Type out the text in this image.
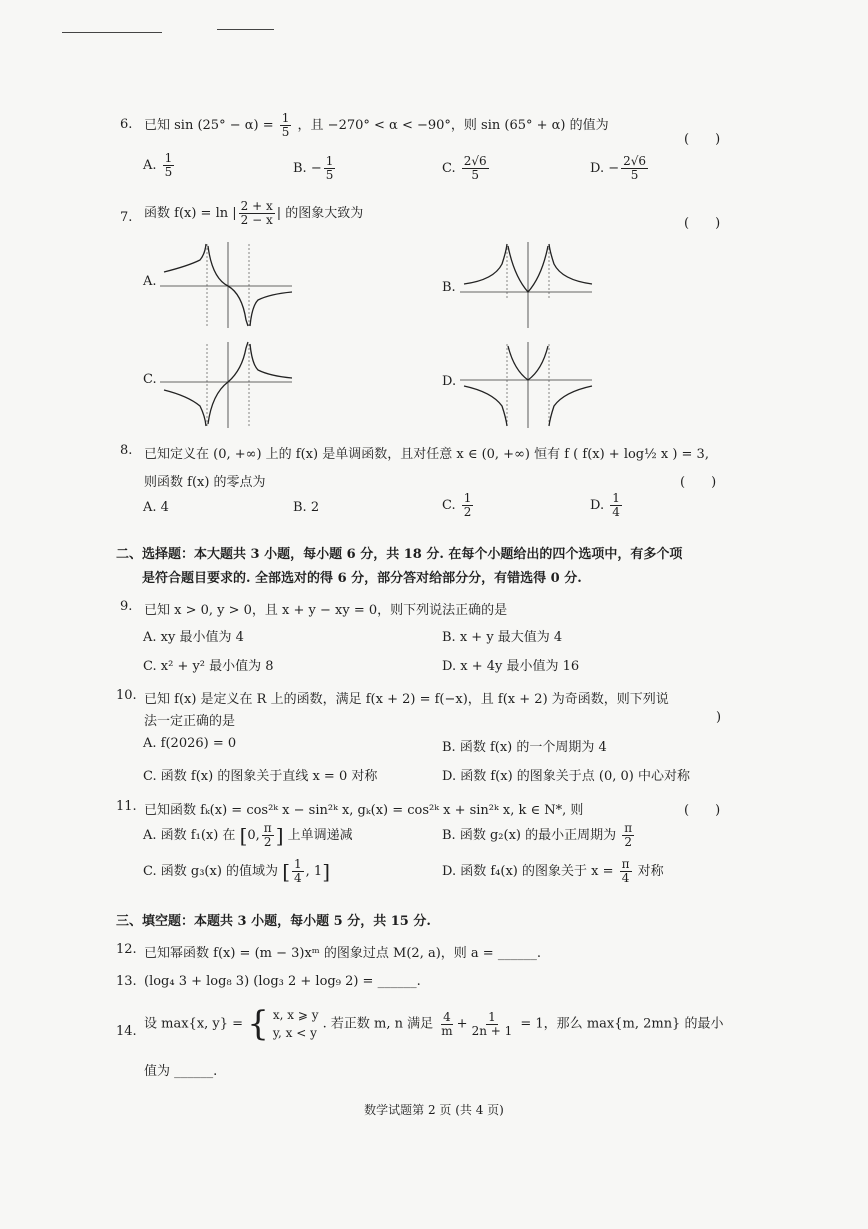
6. 已知 $\sin (25^\circ - \alpha) = \frac{1}{5}$ ，且 −270° < α < −90°，则 sin (65° + α) 的值为
(　　)
A. $\frac{1}{5}$	B. − $\frac{1}{5}$	C. $\frac{2√6}{5}$	D. − $\frac{2√6}{5}$
7. 函数 f(x) = ln | $\frac{2 + x}{2 - x}$ | 的图象大致为
(　　)
A.	B.
C.	D.
8. 已知定义在 (0, +∞) 上的 f(x) 是单调函数，且对任意 x ∈ (0, +∞) 恒有 f ( f(x) + log½ x ) = 3,
则函数 f(x) 的零点为	(　　)
A. 4	B. 2	C. $\frac{1}{2}$	D. $\frac{1}{4}$
二、选择题：本大题共 3 小题，每小题 6 分，共 18 分. 在每个小题给出的四个选项中，有多个项
是符合题目要求的. 全部选对的得 6 分，部分答对给部分分，有错选得 0 分.
9. 已知 x > 0, y > 0，且 x + y − xy = 0，则下列说法正确的是
A. xy 最小值为 4	B. x + y 最大值为 4
C. x² + y² 最小值为 8	D. x + 4y 最小值为 16
10. 已知 f(x) 是定义在 R 上的函数，满足 f(x + 2) = f(−x)，且 f(x + 2) 为奇函数，则下列说
法一定正确的是	)
A. f(2026) = 0	B. 函数 f(x) 的一个周期为 4
C. 函数 f(x) 的图象关于直线 x = 0 对称	D. 函数 f(x) 的图象关于点 (0, 0) 中心对称
11. 已知函数 fₖ(x) = cos²ᵏ x − sin²ᵏ x, gₖ(x) = cos²ᵏ x + sin²ᵏ x, k ∈ N*, 则	(　　)
A. 函数 f₁(x) 在 [0, $\frac{\pi}{2}$ ] 上单调递减	B. 函数 g₂(x) 的最小正周期为 $\frac{\pi}{2}$
C. 函数 g₃(x) 的值域为 [ $\frac{1}{4}$ , 1]	D. 函数 f₄(x) 的图象关于 $x = \frac{\pi}{4}$ 对称
三、填空题：本题共 3 小题，每小题 5 分，共 15 分.
12. 已知幂函数 f(x) = (m − 3)xᵐ 的图象过点 M(2, a)，则 a = ______.
13. (log₄ 3 + log₈ 3) (log₃ 2 + log₉ 2) = ______.
14. 设 max{x, y} = { x, x ⩾ y
y, x < y
. 若正数 m, n 满足 $\frac{4}{m} + \frac{1}{2n + 1} = 1$，那么 max{m, 2mn} 的最小
值为 ______.
数学试题第 2 页 (共 4 页)
